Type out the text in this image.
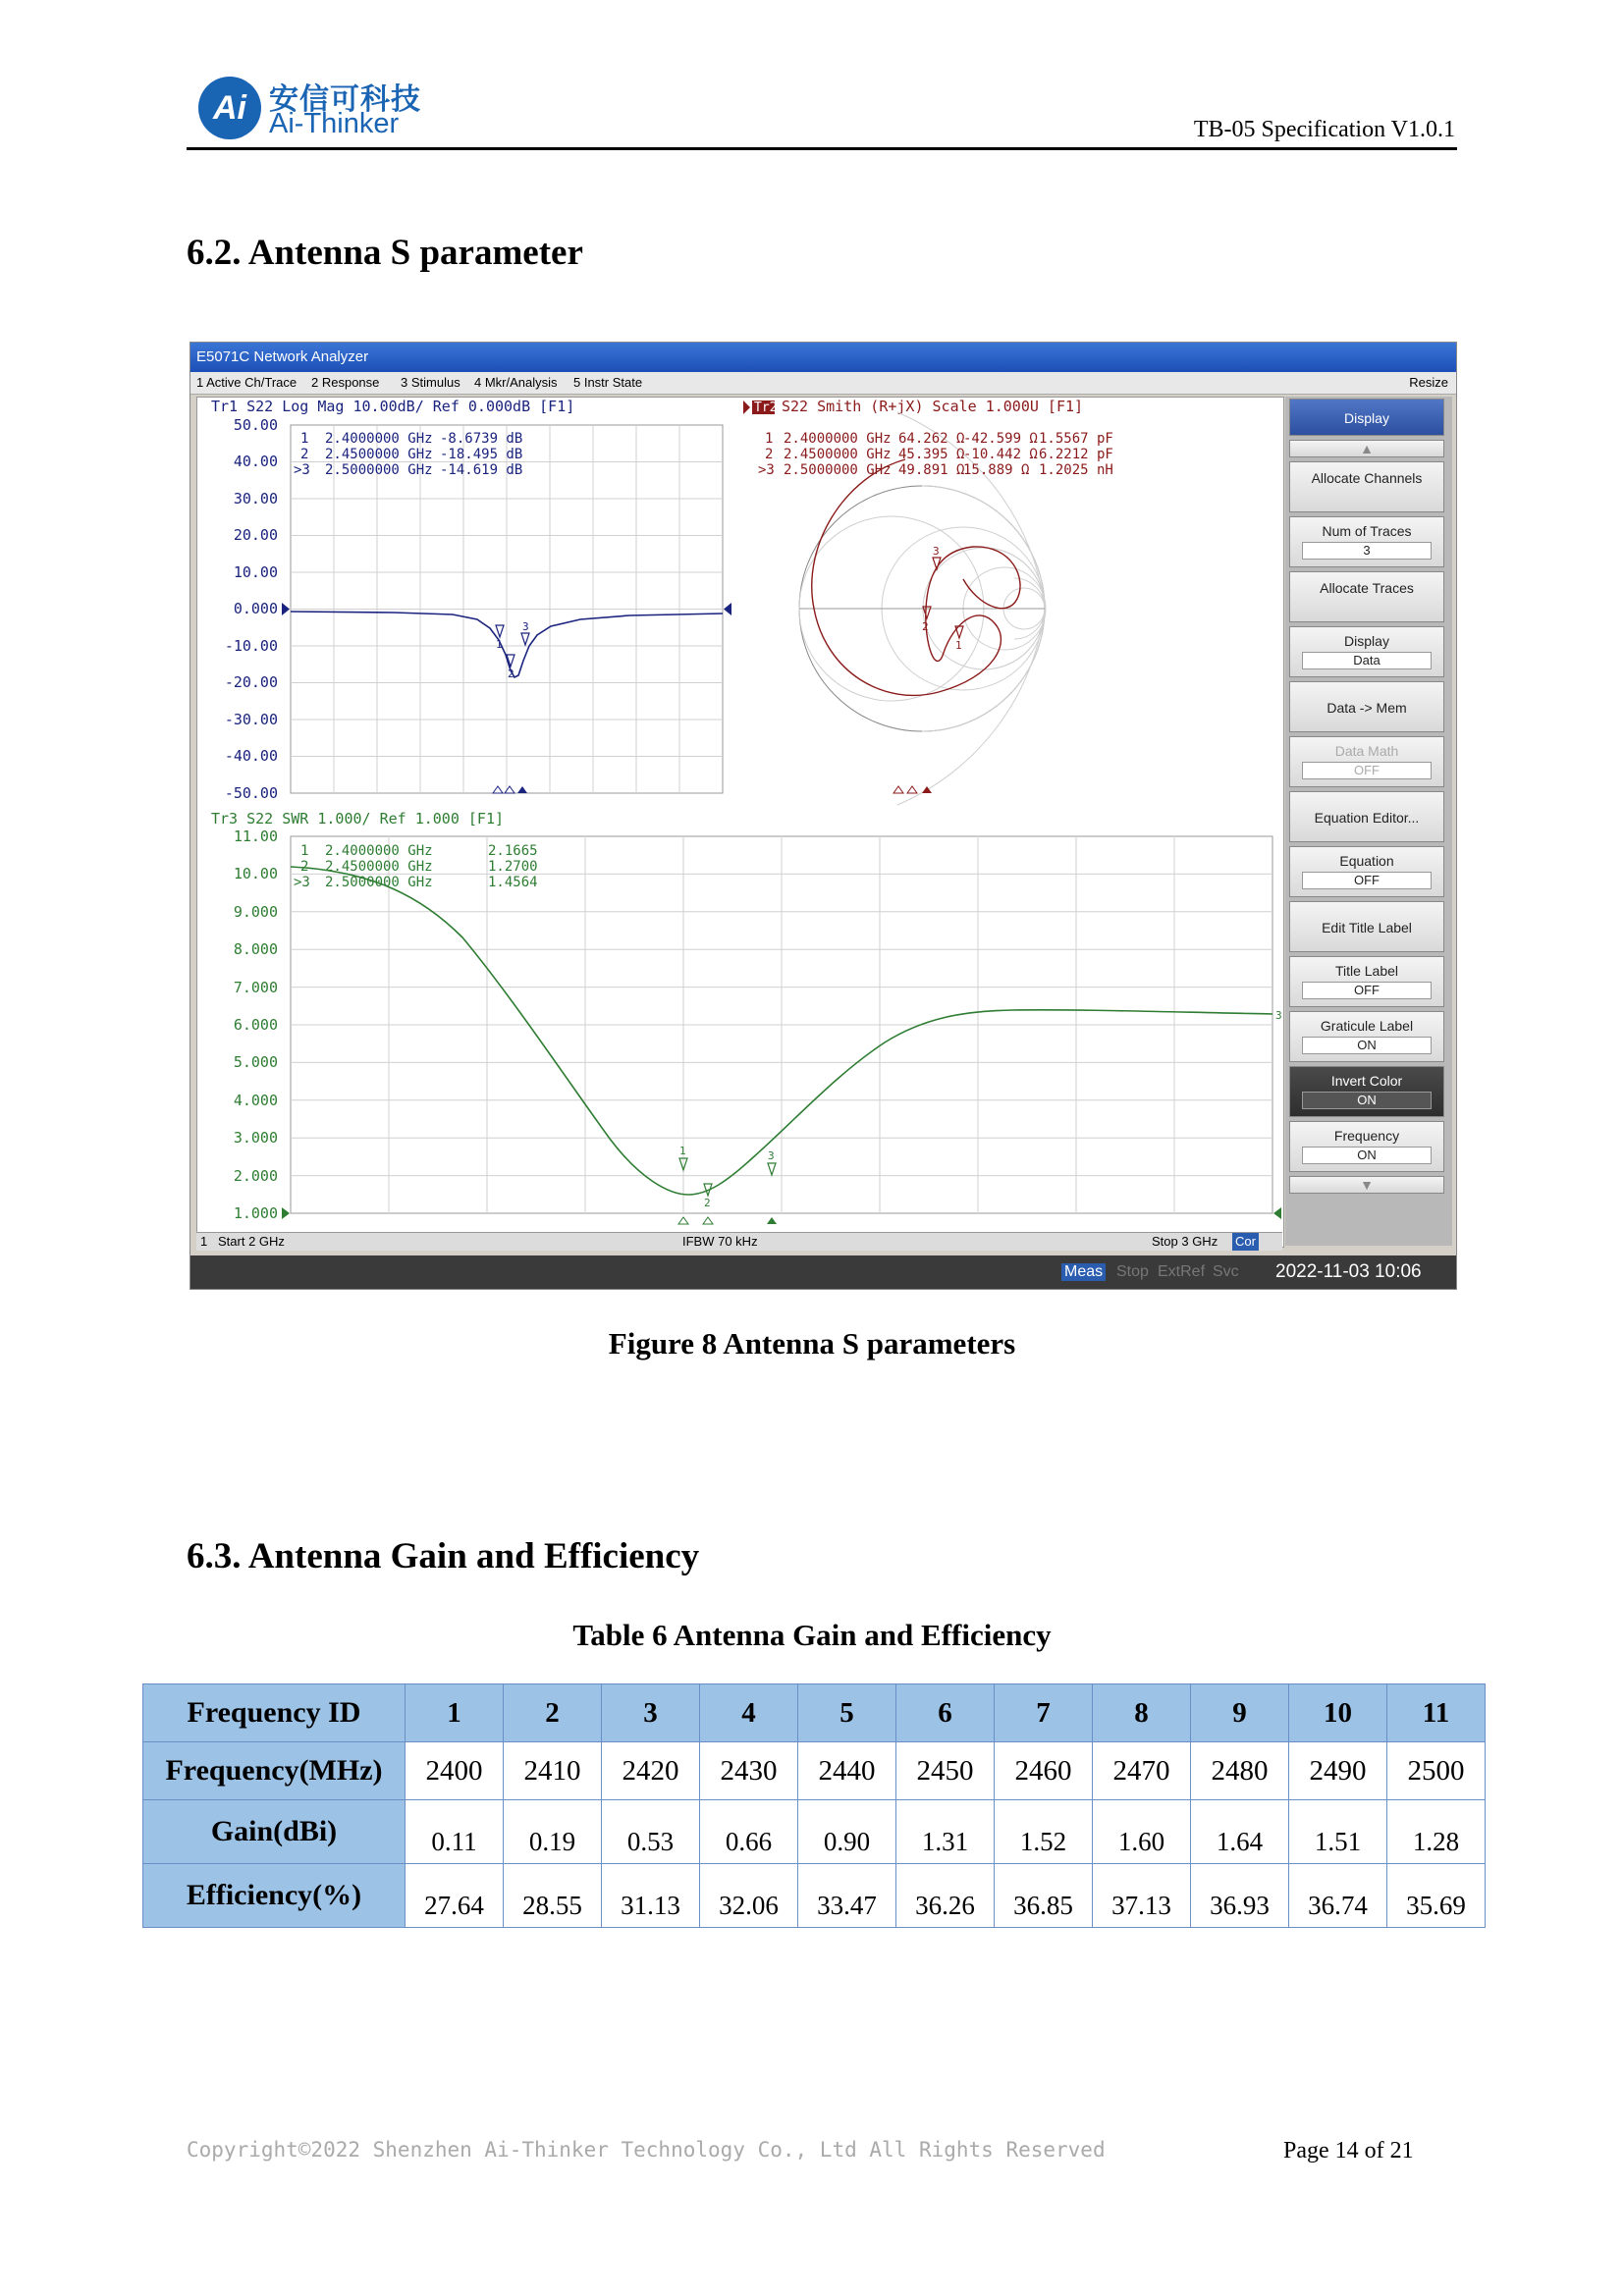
Ai 安信可科技
Ai-Thinker	TB-05 Specification V1.0.1
6.2. Antenna S parameter
E5071C Network Analyzer
1 Active Ch/Trace 2 Response 3 Stimulus 4 Mkr/Analysis 5 Instr State	Resize
Tr1 S22 Log Mag 10.00dB/ Ref 0.000dB [F1]
50.00
40.00
30.00
20.00
10.00
0.000
-10.00
-20.00
-30.00
-40.00
-50.00
1 2.4000000 GHz -8.6739 dB
2 2.4500000 GHz -18.495 dB
>3 2.5000000 GHz -14.619 dB
1
2
3
Tr2 S22 Smith (R+jX) Scale 1.000U [F1]
1 2.4000000 GHz 64.262 Ω
-42.599 Ω 1.5567 pF
2 2.4500000 GHz 45.395 Ω
-10.442 Ω 6.2212 pF
>3 2.5000000 GHz 49.891 Ω
15.889 Ω 1.2025 nH
1
2
3
Tr3 S22 SWR 1.000/ Ref 1.000 [F1]
11.00
10.00
9.000
8.000
7.000
6.000
5.000
4.000
3.000
2.000
1.000
1 2.4000000 GHz	2.1665
2 2.4500000 GHz	1.2700
>3 2.5000000 GHz	1.4564
1
2
3
3
1 Start 2 GHz	IFBW 70 kHz	Stop 3 GHz Cor
Display
▲
Allocate Channels
Num of Traces
3
Allocate Traces
Display
Data
Data -> Mem
Data Math
OFF
Equation Editor...
Equation
OFF
Edit Title Label
Title Label
OFF
Graticule Label
ON
Invert Color
ON
Frequency
ON
▼
Meas Stop ExtRef Svc 2022-11-03 10:06
Figure 8 Antenna S parameters
6.3. Antenna Gain and Efficiency
Table 6 Antenna Gain and Efficiency
Frequency ID	1	2	3	4	5	6	7	8	9	10	11
Frequency(MHz)	2400	2410	2420	2430	2440	2450	2460	2470	2480	2490	2500
Gain(dBi)	0.11	0.19	0.53	0.66	0.90	1.31	1.52	1.60	1.64	1.51	1.28
Efficiency(%)	27.64	28.55	31.13	32.06	33.47	36.26	36.85	37.13	36.93	36.74	35.69
Copyright©2022 Shenzhen Ai-Thinker Technology Co., Ltd All Rights Reserved	Page 14 of 21
